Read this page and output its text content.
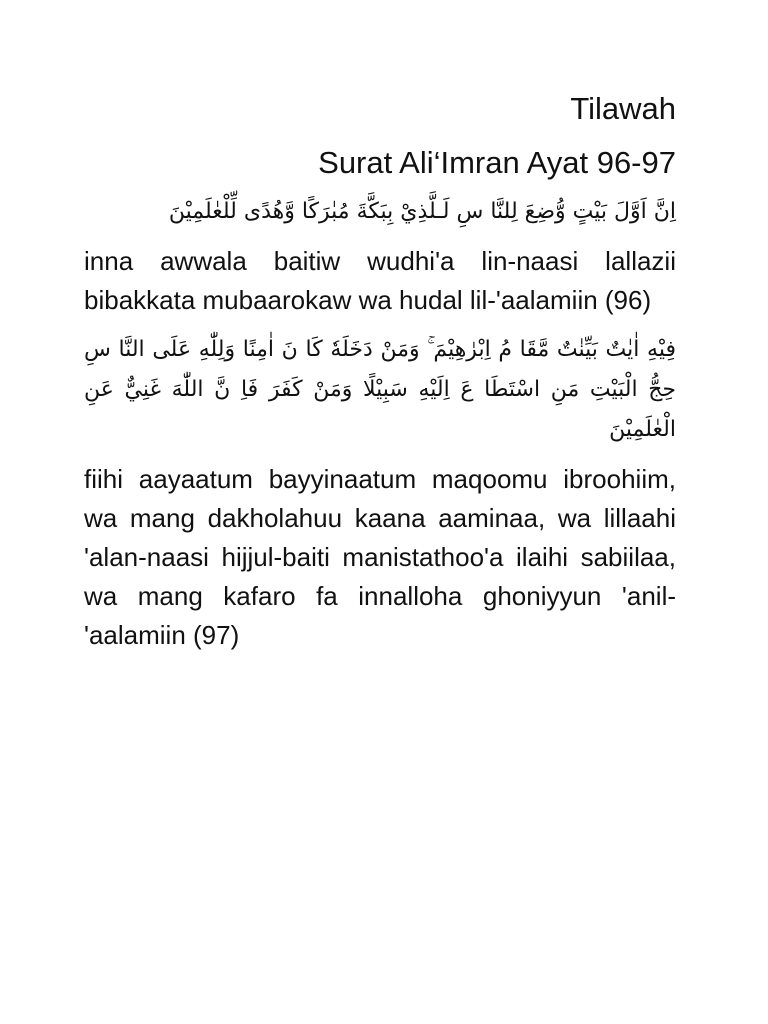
Tilawah
Surat Ali‘Imran Ayat 96-97

اِنَّ اَوَّلَ بَيْتٍ وُّضِعَ لِلنَّا سِ لَـلَّذِيْ بِبَكَّةَ مُبٰرَكًا وَّهُدًى لِّلْعٰلَمِيْنَ

inna awwala baitiw wudhi'a lin-naasi lallazii bibakkata mubaarokaw wa hudal lil-'aalamiin (96)

فِيْهِ اٰيٰتٌ بَيِّنٰتٌ مَّقَا مُ اِبْرٰهِيْمَ ۚ وَمَنْ دَخَلَهٗ كَا نَ اٰمِنًا وَلِلّٰهِ عَلَى النَّا سِ حِجُّ الْبَيْتِ مَنِ اسْتَطَا عَ اِلَيْهِ سَبِيْلًا وَمَنْ كَفَرَ فَاِ نَّ اللّٰهَ غَنِيٌّ عَنِ الْعٰلَمِيْنَ

fiihi aayaatum bayyinaatum maqoomu ibroohiim, wa mang dakholahuu kaana aaminaa, wa lillaahi 'alan-naasi hijjul-baiti manistathoo'a ilaihi sabiilaa, wa mang kafaro fa innalloha ghoniyyun 'anil-'aalamiin (97)
